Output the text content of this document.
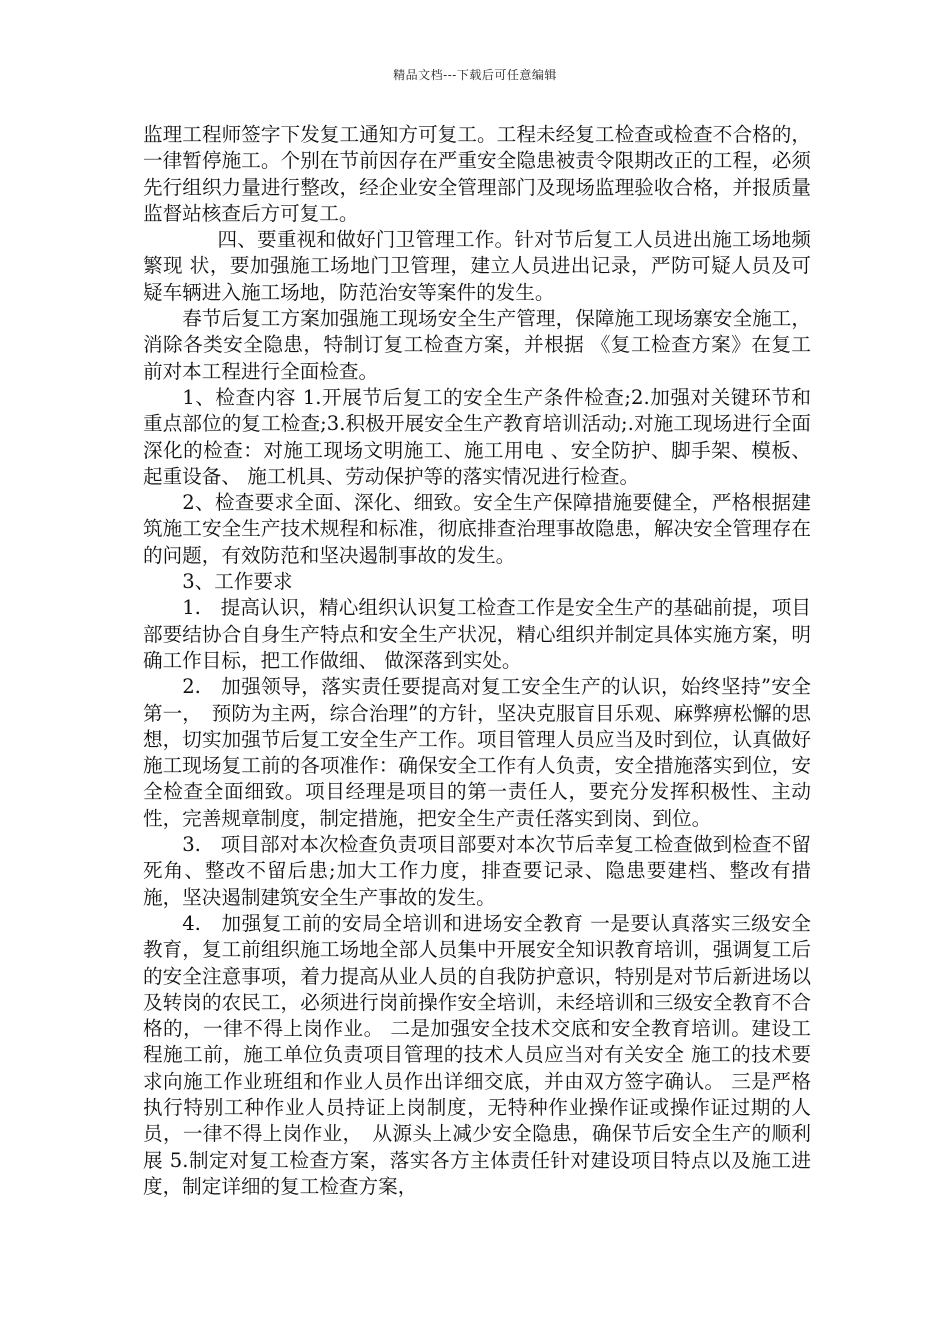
精品文档---下载后可任意编辑

监理工程师签字下发复工通知方可复工。工程未经复工检查或检查不合格的，一律暂停施工。个别在节前因存在严重安全隐患被责令限期改正的工程，必须先行组织力量进行整改，经企业安全管理部门及现场监理验收合格，并报质量监督站核查后方可复工。

四、要重视和做好门卫管理工作。针对节后复工人员进出施工场地频繁现 状，要加强施工场地门卫管理，建立人员进出记录，严防可疑人员及可疑车辆进入施工场地，防范治安等案件的发生。

春节后复工方案加强施工现场安全生产管理，保障施工现场寨安全施工，消除各类安全隐患，特制订复工检查方案，并根据 《复工检查方案》在复工前对本工程进行全面检查。

1、检查内容 1.开展节后复工的安全生产条件检查;2.加强对关键环节和重点部位的复工检查;3.积极开展安全生产教育培训活动;.对施工现场进行全面深化的检查：对施工现场文明施工、施工用电 、安全防护、脚手架、模板、起重设备、 施工机具、劳动保护等的落实情况进行检查。

2、检查要求全面、深化、细致。安全生产保障措施要健全，严格根据建筑施工安全生产技术规程和标准，彻底排查治理事故隐患，解决安全管理存在的问题，有效防范和坚决遏制事故的发生。

3、工作要求

1.　提高认识，精心组织认识复工检查工作是安全生产的基础前提，项目部要结协合自身生产特点和安全生产状况，精心组织并制定具体实施方案，明确工作目标，把工作做细、 做深落到实处。

2.　加强领导，落实责任要提高对复工安全生产的认识，始终坚持”安全第一，　预防为主两，综合治理”的方针，坚决克服盲目乐观、麻弊痹松懈的思想，切实加强节后复工安全生产工作。项目管理人员应当及时到位，认真做好施工现场复工前的各项准作：确保安全工作有人负责，安全措施落实到位，安全检查全面细致。项目经理是项目的第一责任人，要充分发挥积极性、主动性，完善规章制度，制定措施，把安全生产责任落实到岗、到位。

3.　项目部对本次检查负责项目部要对本次节后幸复工检查做到检查不留死角、整改不留后患;加大工作力度，排查要记录、隐患要建档、整改有措施，坚决遏制建筑安全生产事故的发生。

4.　加强复工前的安局全培训和进场安全教育 一是要认真落实三级安全教育，复工前组织施工场地全部人员集中开展安全知识教育培训，强调复工后的安全注意事项，着力提高从业人员的自我防护意识，特别是对节后新进场以及转岗的农民工，必须进行岗前操作安全培训，未经培训和三级安全教育不合格的，一律不得上岗作业。 二是加强安全技术交底和安全教育培训。建设工程施工前，施工单位负责项目管理的技术人员应当对有关安全 施工的技术要求向施工作业班组和作业人员作出详细交底，并由双方签字确认。 三是严格执行特别工种作业人员持证上岗制度，无特种作业操作证或操作证过期的人员，一律不得上岗作业，　从源头上减少安全隐患，确保节后安全生产的顺利展 5.制定对复工检查方案，落实各方主体责任针对建设项目特点以及施工进度，制定详细的复工检查方案，
